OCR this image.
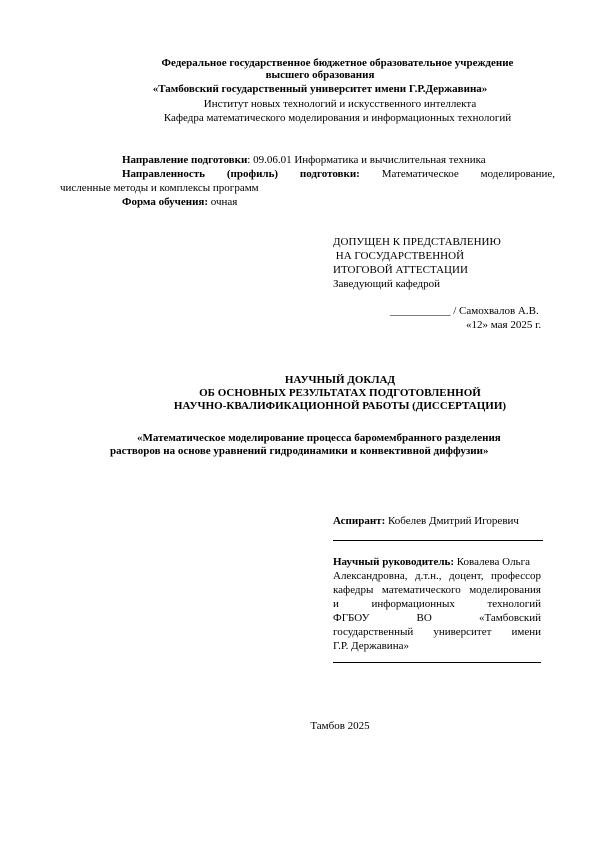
Федеральное государственное бюджетное образовательное учреждение
высшего образования
«Тамбовский государственный университет имени Г.Р.Державина»
Институт новых технологий и искусственного интеллекта
Кафедра математического моделирования и информационных технологий
Направление подготовки: 09.06.01 Информатика и вычислительная техника
Направленность (профиль) подготовки: Математическое моделирование,
численные методы и комплексы программ
Форма обучения: очная
ДОПУЩЕН К ПРЕДСТАВЛЕНИЮ
НА ГОСУДАРСТВЕННОЙ
ИТОГОВОЙ АТТЕСТАЦИИ
Заведующий кафедрой
___________ / Самохвалов А.В.
«12» мая 2025 г.
НАУЧНЫЙ ДОКЛАД
ОБ ОСНОВНЫХ РЕЗУЛЬТАТАХ ПОДГОТОВЛЕННОЙ
НАУЧНО-КВАЛИФИКАЦИОННОЙ РАБОТЫ (ДИССЕРТАЦИИ)
«Математическое моделирование процесса баромембранного разделения
растворов на основе уравнений гидродинамики и конвективной диффузии»
Аспирант: Кобелев Дмитрий Игоревич
Научный руководитель: Ковалева Ольга
Александровна, д.т.н., доцент, профессор
кафедры математического моделирования
и	информационных	технологий
ФГБОУ	ВО	«Тамбовский
государственный университет имени
Г.Р. Державина»
Тамбов 2025
